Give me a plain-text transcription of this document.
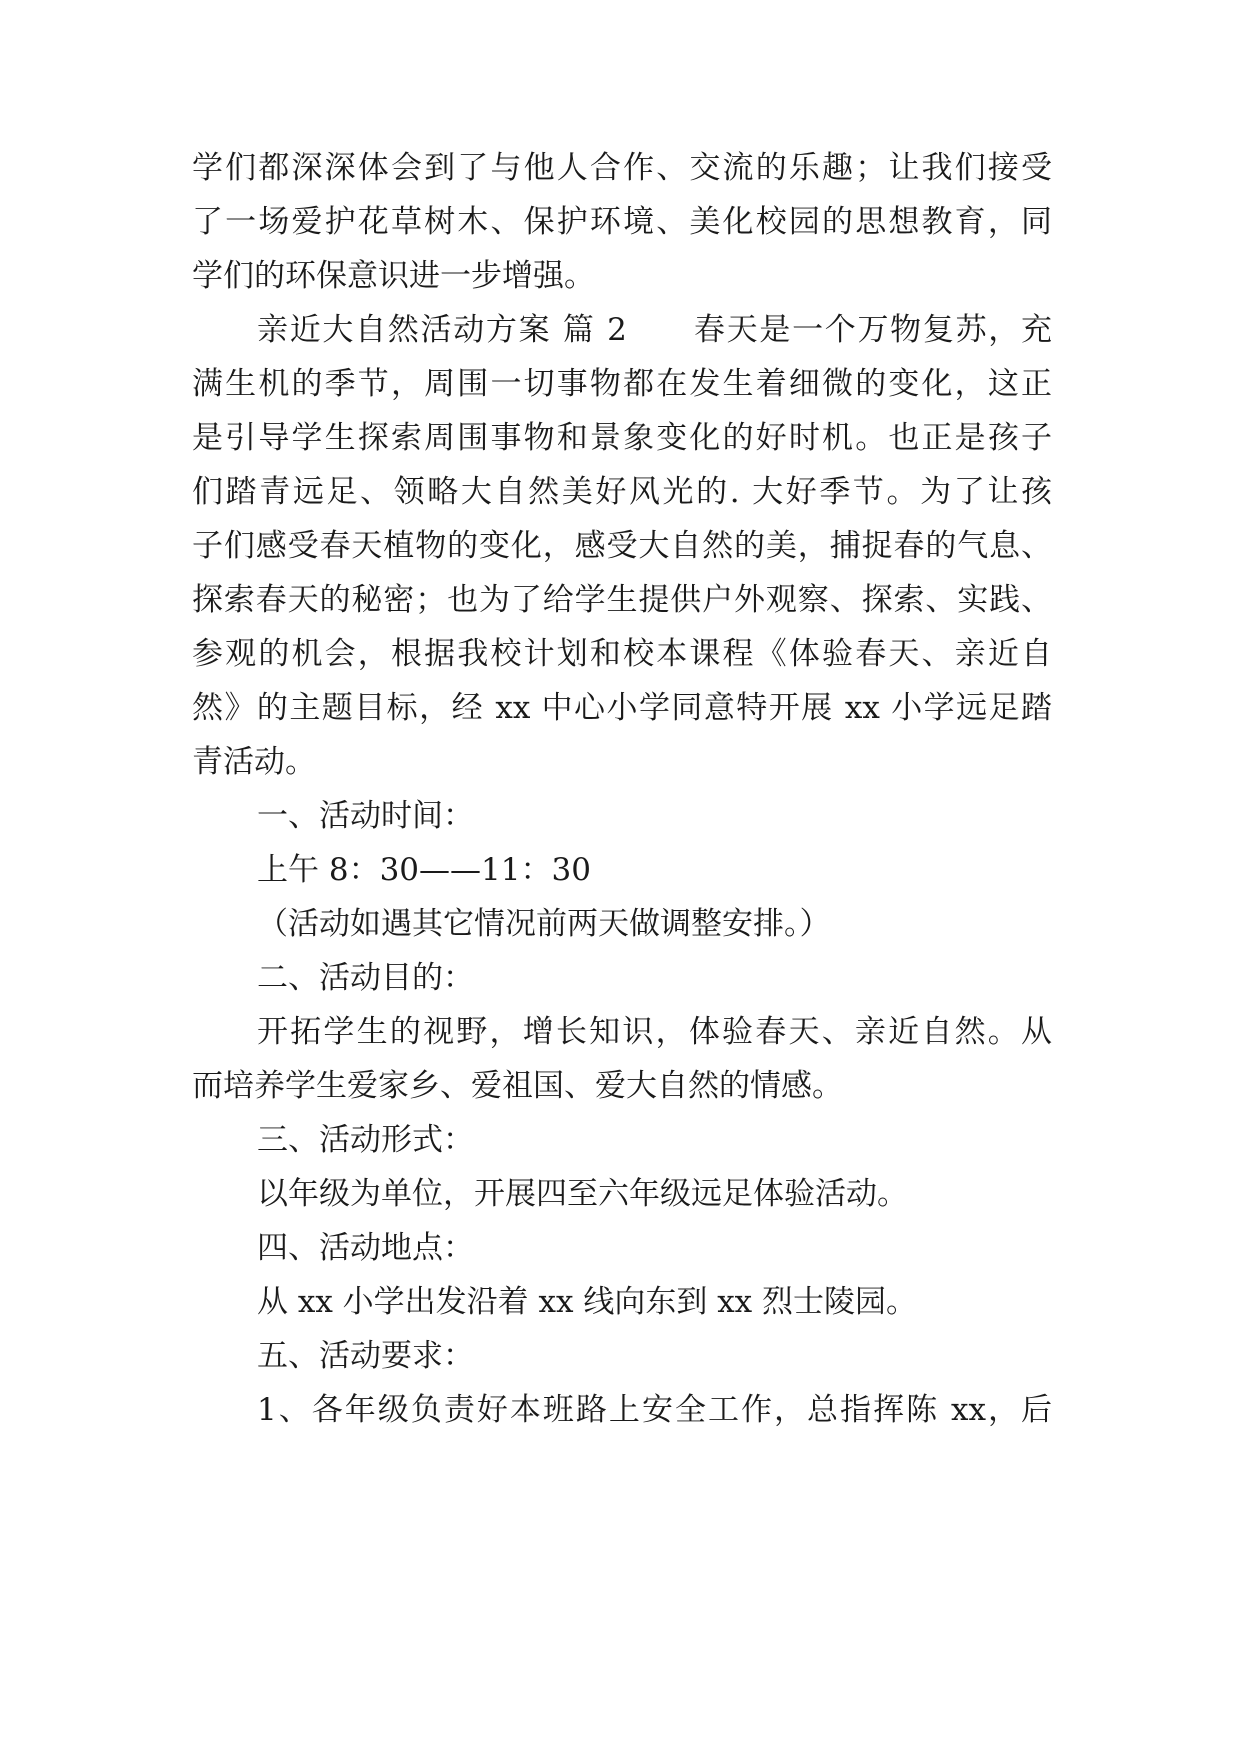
学们都深深体会到了与他人合作、交流的乐趣；让我们接受
了一场爱护花草树木、保护环境、美化校园的思想教育，同
学们的环保意识进一步增强。
亲近大自然活动方案 篇 2　　春天是一个万物复苏，充
满生机的季节，周围一切事物都在发生着细微的变化，这正
是引导学生探索周围事物和景象变化的好时机。也正是孩子
们踏青远足、领略大自然美好风光的. 大好季节。为了让孩
子们感受春天植物的变化，感受大自然的美，捕捉春的气息、
探索春天的秘密；也为了给学生提供户外观察、探索、实践、
参观的机会，根据我校计划和校本课程《体验春天、亲近自
然》的主题目标，经 xx 中心小学同意特开展 xx 小学远足踏
青活动。
一、活动时间：
上午 8：30——11：30
（活动如遇其它情况前两天做调整安排。）
二、活动目的：
开拓学生的视野，增长知识，体验春天、亲近自然。从
而培养学生爱家乡、爱祖国、爱大自然的情感。
三、活动形式：
以年级为单位，开展四至六年级远足体验活动。
四、活动地点：
从 xx 小学出发沿着 xx 线向东到 xx 烈士陵园。
五、活动要求：
1、各年级负责好本班路上安全工作，总指挥陈 xx，后
